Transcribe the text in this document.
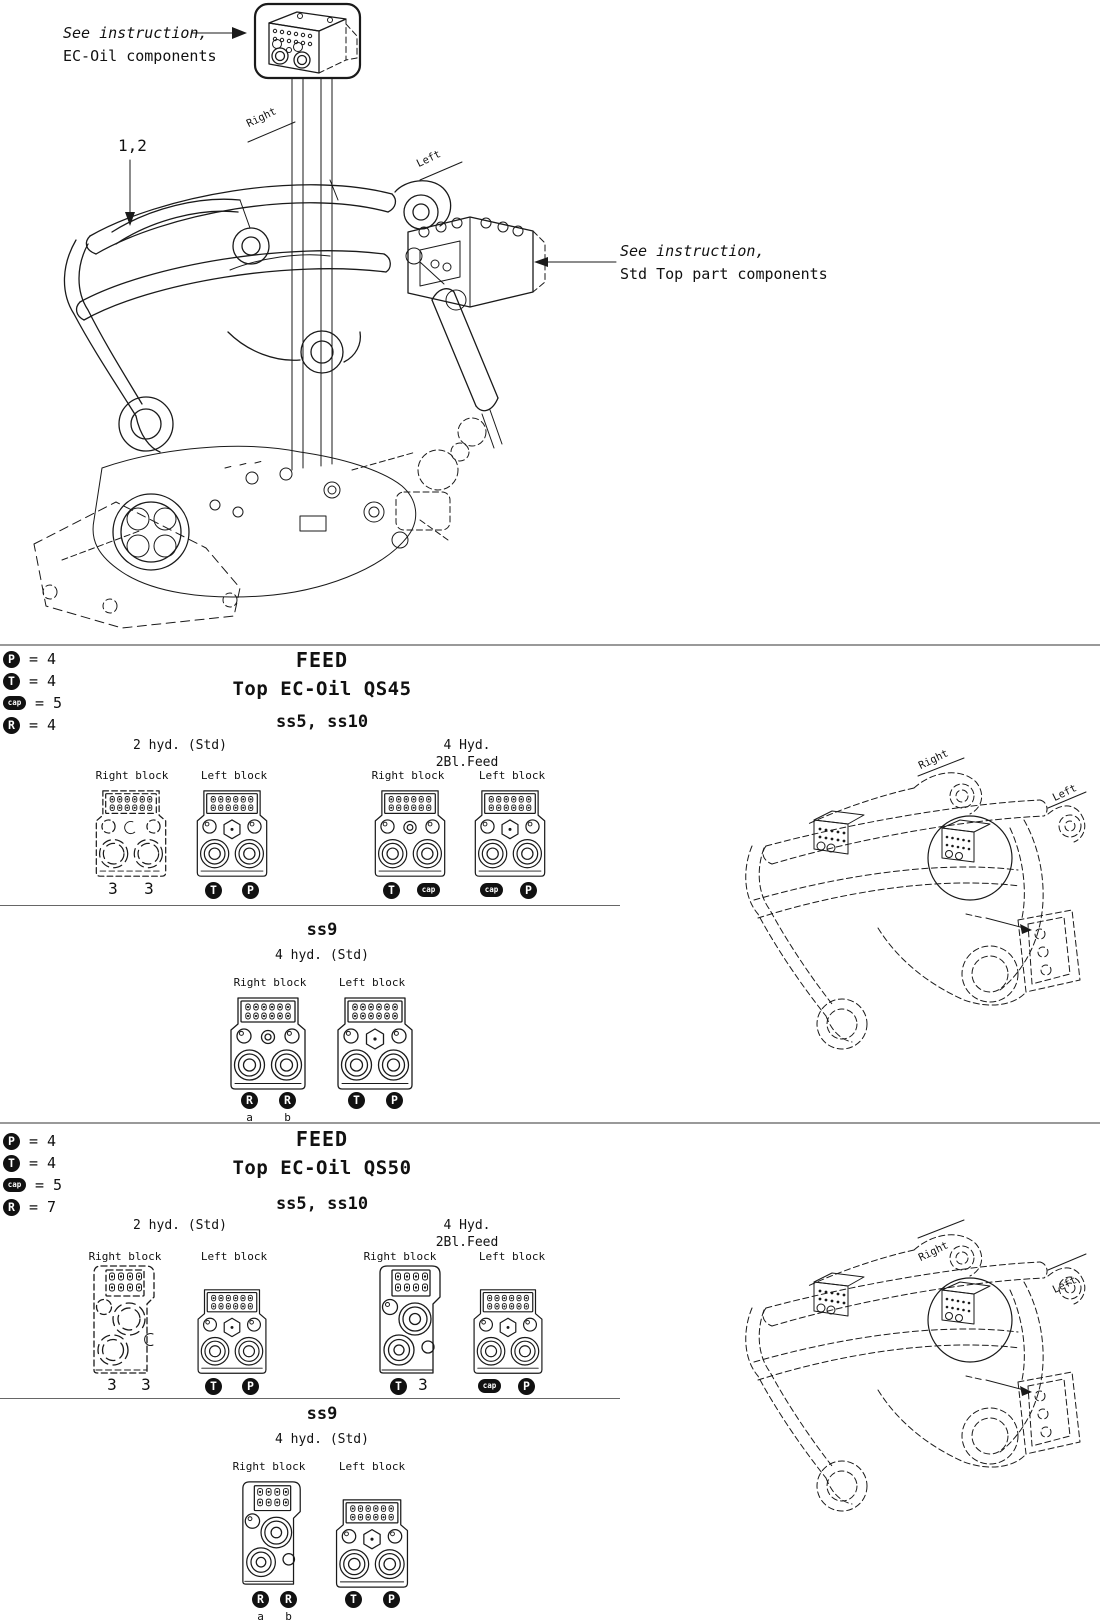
See instruction,
EC-Oil components
1,2
Right
Left
See instruction,
Std Top part components
P = 4
T = 4
cap = 5
R = 4
FEED
Top EC-Oil QS45
ss5, ss10
2 hyd. (Std)	4 Hyd.
2Bl.Feed
Right block	Left block	Right block	Left block
3 3	T	P	T	cap	cap	P
ss9
4 hyd. (Std)
Right block	Left block
R	R	T	P
a	b
Right
Left
P = 4
T = 4
cap = 5
R = 7
FEED
Top EC-Oil QS50
ss5, ss10
2 hyd. (Std)	4 Hyd.
2Bl.Feed
Right block	Left block	Right block	Left block
3 3	T	P	T	3	cap	P
ss9
4 hyd. (Std)
Right block	Left block
R	R	T	P
a	b
Right
Left
